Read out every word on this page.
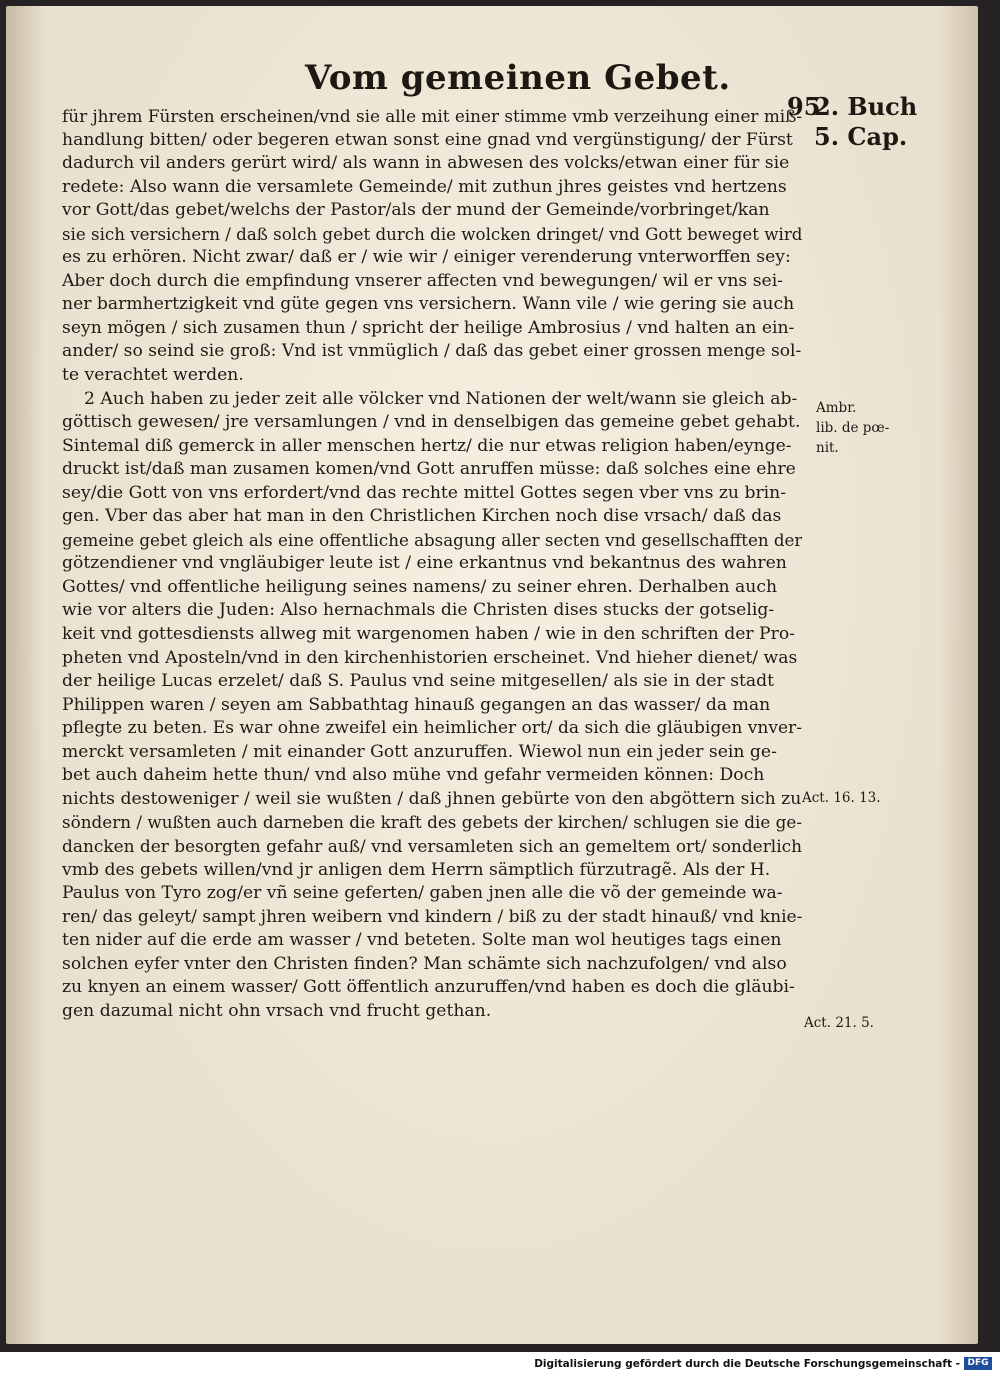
Vom gemeinen Gebet.
95
2. Buch
5. Cap.
für jhrem Fürsten erscheinen/vnd sie alle mit einer stimme vmb verzeihung einer miß-
handlung bitten/ oder begeren etwan sonst eine gnad vnd vergünstigung/ der Fürst
dadurch vil anders gerürt wird/ als wann in abwesen des volcks/etwan einer für sie
redete: Also wann die versamlete Gemeinde/ mit zuthun jhres geistes vnd hertzens
vor Gott/das gebet/welchs der Pastor/als der mund der Gemeinde/vorbringet/kan
sie sich versichern / daß solch gebet durch die wolcken dringet/ vnd Gott beweget wird
es zu erhören. Nicht zwar/ daß er / wie wir / einiger verenderung vnterworffen sey:
Aber doch durch die empfindung vnserer affecten vnd bewegungen/ wil er vns sei-
ner barmhertzigkeit vnd güte gegen vns versichern. Wann vile / wie gering sie auch
seyn mögen / sich zusamen thun / spricht der heilige Ambrosius / vnd halten an ein-
ander/ so seind sie groß: Vnd ist vnmüglich / daß das gebet einer grossen menge sol-
te verachtet werden.
2 Auch haben zu jeder zeit alle völcker vnd Nationen der welt/wann sie gleich ab-
göttisch gewesen/ jre versamlungen / vnd in denselbigen das gemeine gebet gehabt.
Sintemal diß gemerck in aller menschen hertz/ die nur etwas religion haben/eynge-
druckt ist/daß man zusamen komen/vnd Gott anruffen müsse: daß solches eine ehre
sey/die Gott von vns erfordert/vnd das rechte mittel Gottes segen vber vns zu brin-
gen. Vber das aber hat man in den Christlichen Kirchen noch dise vrsach/ daß das
gemeine gebet gleich als eine offentliche absagung aller secten vnd gesellschafften der
götzendiener vnd vngläubiger leute ist / eine erkantnus vnd bekantnus des wahren
Gottes/ vnd offentliche heiligung seines namens/ zu seiner ehren. Derhalben auch
wie vor alters die Juden: Also hernachmals die Christen dises stucks der gotselig-
keit vnd gottesdiensts allweg mit wargenomen haben / wie in den schriften der Pro-
pheten vnd Aposteln/vnd in den kirchenhistorien erscheinet. Vnd hieher dienet/ was
der heilige Lucas erzelet/ daß S. Paulus vnd seine mitgesellen/ als sie in der stadt
Philippen waren / seyen am Sabbathtag hinauß gegangen an das wasser/ da man
pflegte zu beten. Es war ohne zweifel ein heimlicher ort/ da sich die gläubigen vnver-
merckt versamleten / mit einander Gott anzuruffen. Wiewol nun ein jeder sein ge-
bet auch daheim hette thun/ vnd also mühe vnd gefahr vermeiden können: Doch
nichts destoweniger / weil sie wußten / daß jhnen gebürte von den abgöttern sich zu
söndern / wußten auch darneben die kraft des gebets der kirchen/ schlugen sie die ge-
dancken der besorgten gefahr auß/ vnd versamleten sich an gemeltem ort/ sonderlich
vmb des gebets willen/vnd jr anligen dem Herrn sämptlich fürzutragẽ. Als der H.
Paulus von Tyro zog/er vñ seine geferten/ gaben jnen alle die võ der gemeinde wa-
ren/ das geleyt/ sampt jhren weibern vnd kindern / biß zu der stadt hinauß/ vnd knie-
ten nider auf die erde am wasser / vnd beteten. Solte man wol heutiges tags einen
solchen eyfer vnter den Christen finden? Man schämte sich nachzufolgen/ vnd also
zu knyen an einem wasser/ Gott öffentlich anzuruffen/vnd haben es doch die gläubi-
gen dazumal nicht ohn vrsach vnd frucht gethan.
Ambr.
lib. de pœ-
nit.
Act. 16. 13.
Act. 21. 5.
Digitalisierung gefördert durch die Deutsche Forschungsgemeinschaft - DFG
